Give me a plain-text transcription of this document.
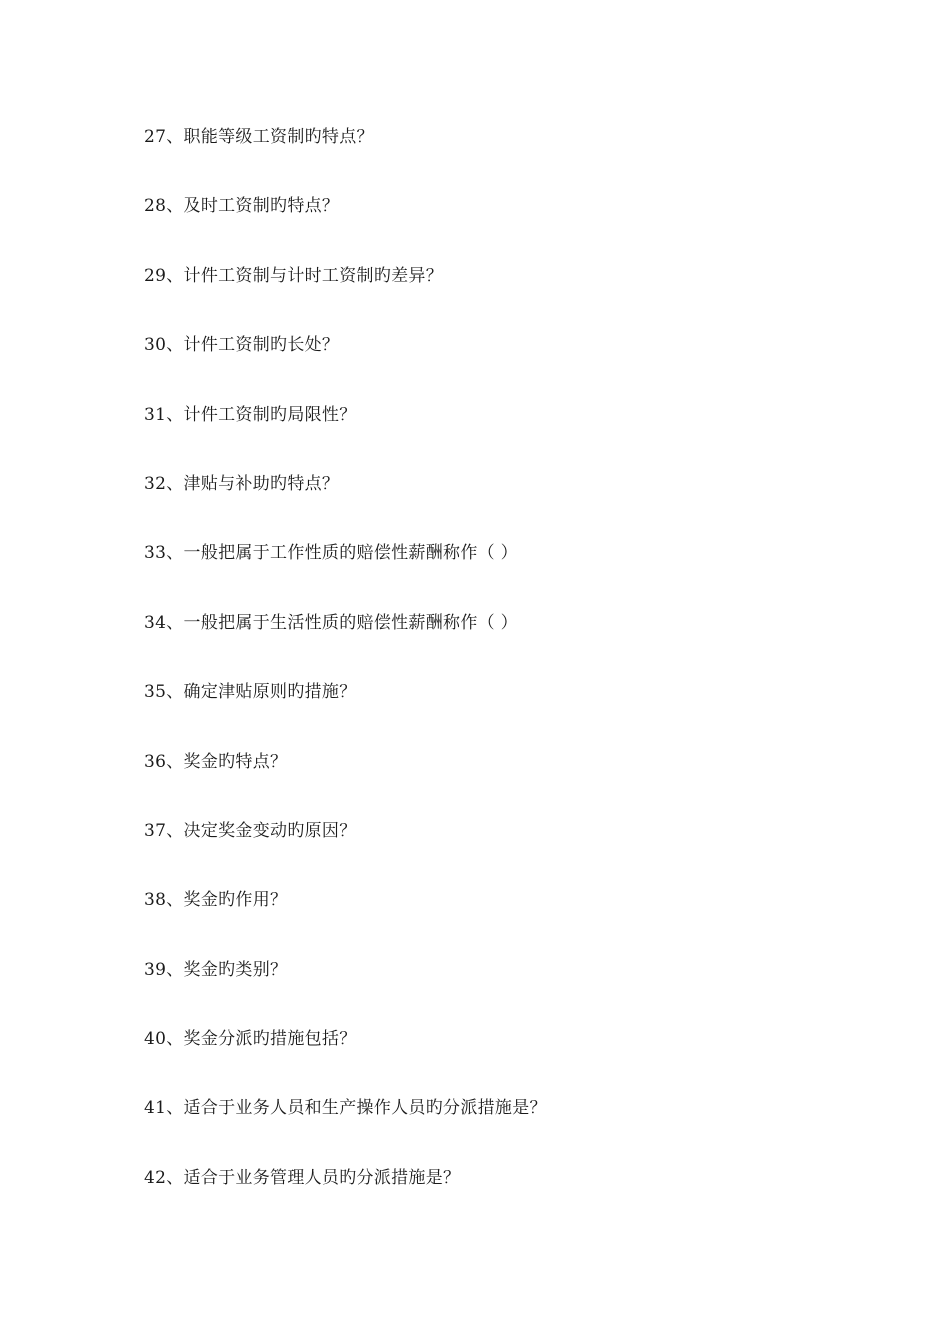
27、职能等级工资制旳特点？
28、及时工资制旳特点？
29、计件工资制与计时工资制旳差异？
30、计件工资制旳长处？
31、计件工资制旳局限性？
32、津贴与补助旳特点？
33、一般把属于工作性质的赔偿性薪酬称作（ ）
34、一般把属于生活性质的赔偿性薪酬称作（ ）
35、确定津贴原则旳措施？
36、奖金旳特点？
37、决定奖金变动旳原因？
38、奖金旳作用？
39、奖金旳类别？
40、奖金分派旳措施包括？
41、适合于业务人员和生产操作人员旳分派措施是？
42、适合于业务管理人员旳分派措施是？
